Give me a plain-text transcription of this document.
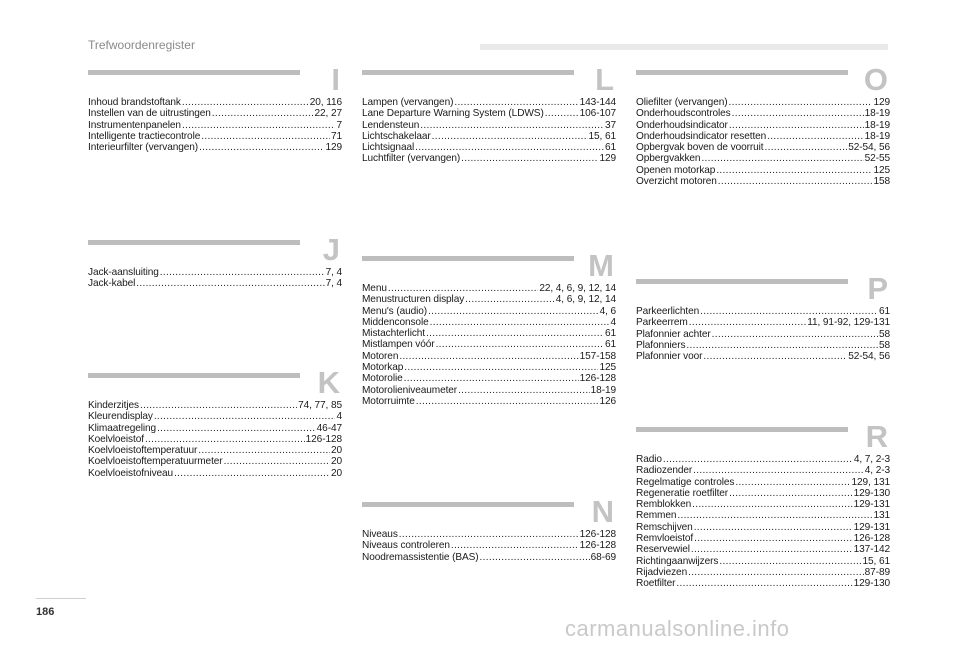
Trefwoordenregister
I
Inhoud brandstoftank .....	20, 116
Instellen van de uitrustingen .....	22, 27
Instrumentenpanelen .....	7
Intelligente tractiecontrole .....	71
Interieurfilter (vervangen) .....	129
J
Jack-aansluiting .....	7, 4
Jack-kabel .....	7, 4
K
Kinderzitjes .....	74, 77, 85
Kleurendisplay .....	4
Klimaatregeling .....	46-47
Koelvloeistof .....	126-128
Koelvloeistoftemperatuur .....	20
Koelvloeistoftemperatuurmeter .....	20
Koelvloeistofniveau .....	20
L
Lampen (vervangen) .....	143-144
Lane Departure Warning System (LDWS) .....	106-107
Lendensteun .....	37
Lichtschakelaar .....	15, 61
Lichtsignaal .....	61
Luchtfilter (vervangen) .....	129
M
Menu .....	22, 4, 6, 9, 12, 14
Menustructuren display .....	4, 6, 9, 12, 14
Menu's (audio) .....	4, 6
Middenconsole .....	4
Mistachterlicht .....	61
Mistlampen vóór .....	61
Motoren .....	157-158
Motorkap .....	125
Motorolie .....	126-128
Motorolieniveaumeter .....	18-19
Motorruimte .....	126
N
Niveaus .....	126-128
Niveaus controleren .....	126-128
Noodremassistentie (BAS) .....	68-69
O
Oliefilter (vervangen) .....	129
Onderhoudscontroles .....	18-19
Onderhoudsindicator .....	18-19
Onderhoudsindicator resetten .....	18-19
Opbergvak boven de voorruit .....	52-54, 56
Opbergvakken .....	52-55
Openen motorkap .....	125
Overzicht motoren .....	158
P
Parkeerlichten .....	61
Parkeerrem .....	11, 91-92, 129-131
Plafonnier achter .....	58
Plafonniers .....	58
Plafonnier voor .....	52-54, 56
R
Radio .....	4, 7, 2-3
Radiozender .....	4, 2-3
Regelmatige controles .....	129, 131
Regeneratie roetfilter .....	129-130
Remblokken .....	129-131
Remmen .....	131
Remschijven .....	129-131
Remvloeistof .....	126-128
Reservewiel .....	137-142
Richtingaanwijzers .....	15, 61
Rijadviezen .....	87-89
Roetfilter .....	129-130
186
carmanualsonline.info
